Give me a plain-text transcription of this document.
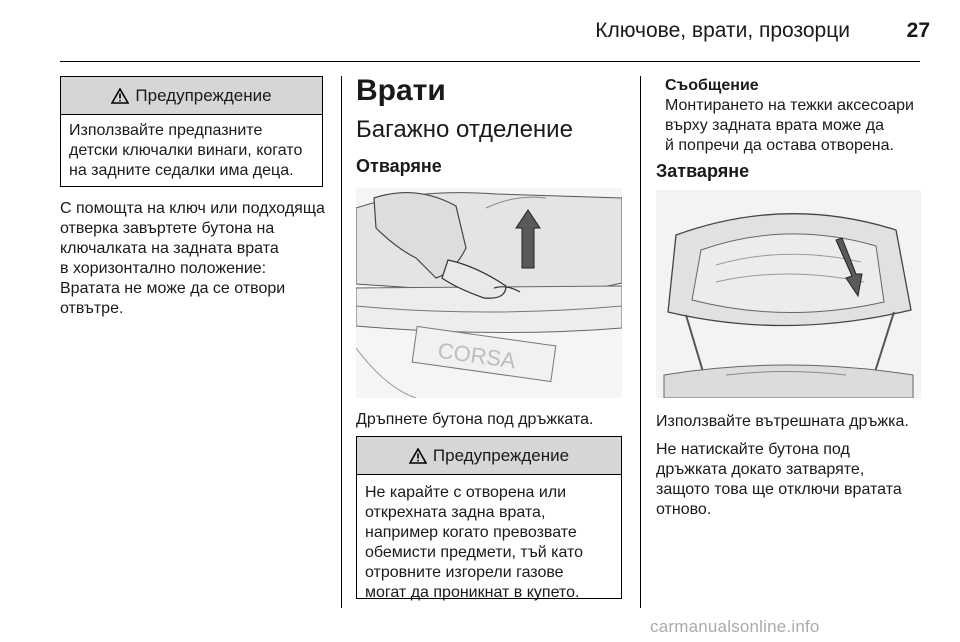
Ключове, врати, прозорци	27
Предупреждение
Използвайте предпазните
детски ключалки винаги, когато
на задните седалки има деца.
С помощта на ключ или подходяща
отверка завъртете бутона на
ключалката на задната врата
в хоризонтално положение:
Вратата не може да се отвори
отвътре.
Врати
Багажно отделение
Отваряне
CORSA
Дръпнете бутона под дръжката.
Предупреждение
Не карайте с отворена или
открехната задна врата,
например когато превозвате
обемисти предмети, тъй като
отровните изгорели газове
могат да проникнат в купето.
Съобщение
Монтирането на тежки аксесоари
върху задната врата може да
й попречи да остава отворена.
Затваряне
Използвайте вътрешната дръжка.
Не натискайте бутона под
дръжката докато затваряте,
защото това ще отключи вратата
отново.
carmanualsonline.info
